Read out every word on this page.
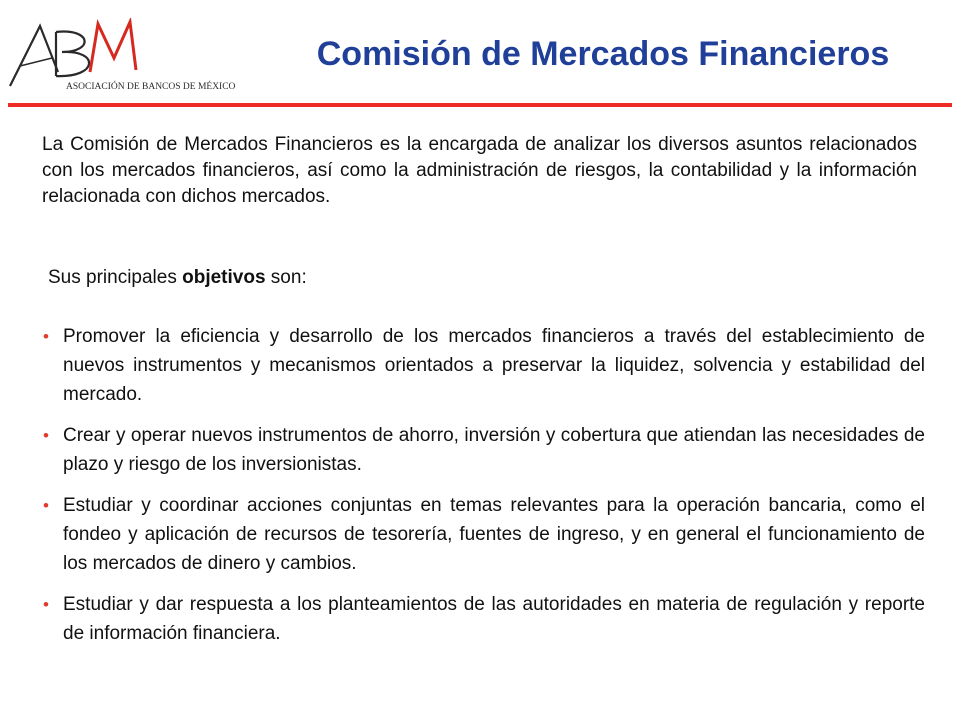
ASOCIACIÓN DE BANCOS DE MÉXICO
Comisión de Mercados Financieros

La Comisión de Mercados Financieros es la encargada de analizar los diversos asuntos relacionados con los mercados financieros, así como la administración de riesgos, la contabilidad y la información relacionada con dichos mercados.

Sus principales objetivos son:

• Promover la eficiencia y desarrollo de los mercados financieros a través del establecimiento de nuevos instrumentos y mecanismos orientados a preservar la liquidez, solvencia y estabilidad del mercado.

• Crear y operar nuevos instrumentos de ahorro, inversión y cobertura que atiendan las necesidades de plazo y riesgo de los inversionistas.

• Estudiar y coordinar acciones conjuntas en temas relevantes para la operación bancaria, como el fondeo y aplicación de recursos de tesorería, fuentes de ingreso, y en general el funcionamiento de los mercados de dinero y cambios.

• Estudiar y dar respuesta a los planteamientos de las autoridades en materia de regulación y reporte de información financiera.
